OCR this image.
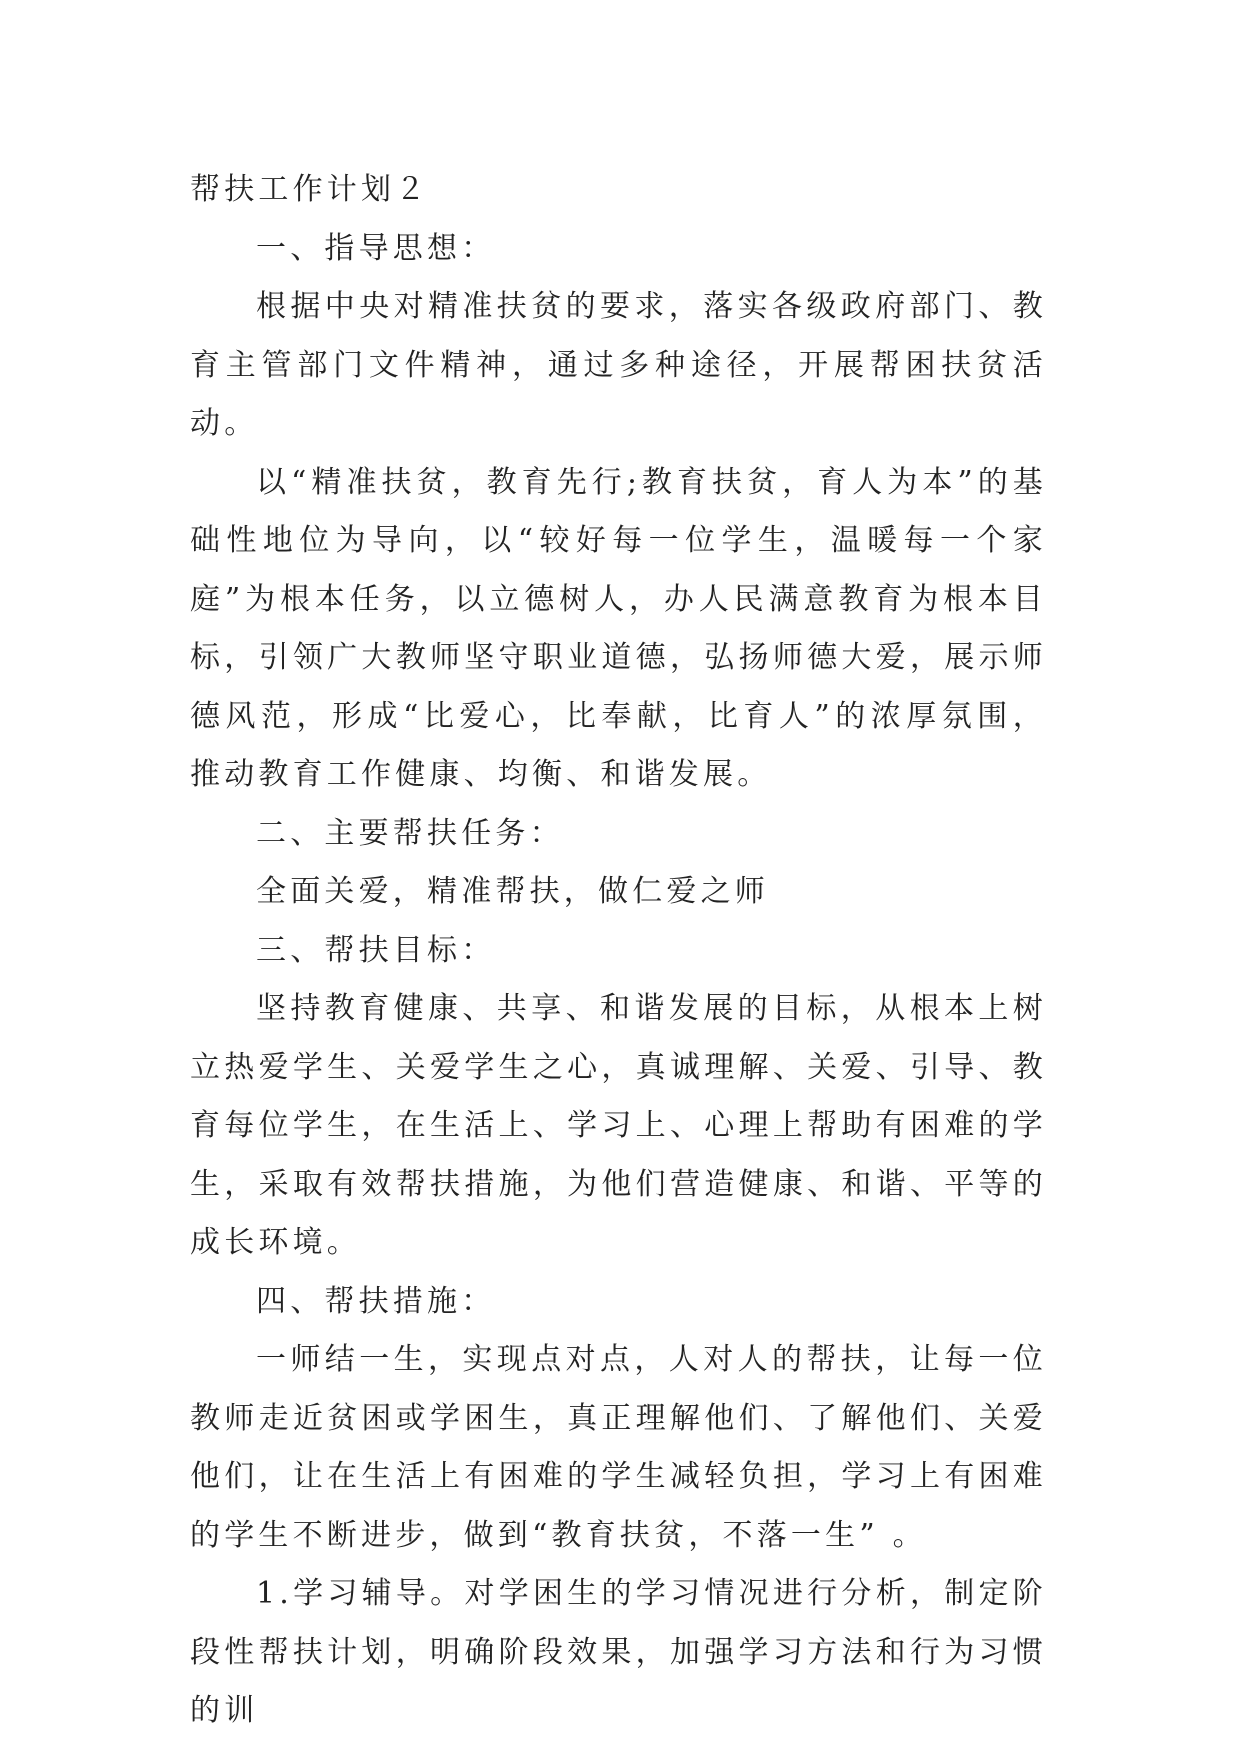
帮扶工作计划２

一、指导思想：

根据中央对精准扶贫的要求，落实各级政府部门、教育主管部门文件精神，通过多种途径，开展帮困扶贫活动。

以“精准扶贫，教育先行;教育扶贫，育人为本”的基础性地位为导向，以“较好每一位学生，温暖每一个家庭”为根本任务，以立德树人，办人民满意教育为根本目标，引领广大教师坚守职业道德，弘扬师德大爱，展示师德风范，形成“比爱心，比奉献，比育人”的浓厚氛围，推动教育工作健康、均衡、和谐发展。

二、主要帮扶任务：

全面关爱，精准帮扶，做仁爱之师

三、帮扶目标：

坚持教育健康、共享、和谐发展的目标，从根本上树立热爱学生、关爱学生之心，真诚理解、关爱、引导、教育每位学生，在生活上、学习上、心理上帮助有困难的学生，采取有效帮扶措施，为他们营造健康、和谐、平等的成长环境。

四、帮扶措施：

一师结一生，实现点对点，人对人的帮扶，让每一位教师走近贫困或学困生，真正理解他们、了解他们、关爱他们，让在生活上有困难的学生减轻负担，学习上有困难的学生不断进步，做到“教育扶贫，不落一生” 。

1.学习辅导。对学困生的学习情况进行分析，制定阶段性帮扶计划，明确阶段效果，加强学习方法和行为习惯的训
